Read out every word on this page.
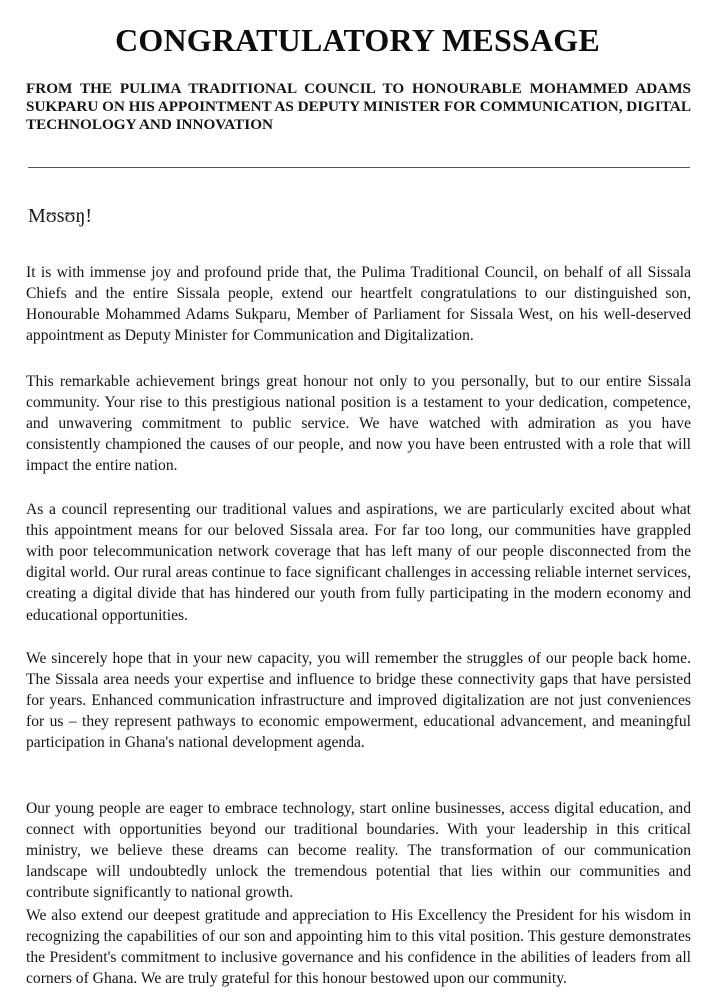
CONGRATULATORY MESSAGE
FROM THE PULIMA TRADITIONAL COUNCIL TO HONOURABLE MOHAMMED ADAMS SUKPARU ON HIS APPOINTMENT AS DEPUTY MINISTER FOR COMMUNICATION, DIGITAL TECHNOLOGY AND INNOVATION
Mʊsʊŋ!

It is with immense joy and profound pride that, the Pulima Traditional Council, on behalf of all Sissala Chiefs and the entire Sissala people, extend our heartfelt congratulations to our distinguished son, Honourable Mohammed Adams Sukparu, Member of Parliament for Sissala West, on his well-deserved appointment as Deputy Minister for Communication and Digitalization.

This remarkable achievement brings great honour not only to you personally, but to our entire Sissala community. Your rise to this prestigious national position is a testament to your dedication, competence, and unwavering commitment to public service. We have watched with admiration as you have consistently championed the causes of our people, and now you have been entrusted with a role that will impact the entire nation.

As a council representing our traditional values and aspirations, we are particularly excited about what this appointment means for our beloved Sissala area. For far too long, our communities have grappled with poor telecommunication network coverage that has left many of our people disconnected from the digital world. Our rural areas continue to face significant challenges in accessing reliable internet services, creating a digital divide that has hindered our youth from fully participating in the modern economy and educational opportunities.

We sincerely hope that in your new capacity, you will remember the struggles of our people back home. The Sissala area needs your expertise and influence to bridge these connectivity gaps that have persisted for years. Enhanced communication infrastructure and improved digitalization are not just conveniences for us – they represent pathways to economic empowerment, educational advancement, and meaningful participation in Ghana's national development agenda.

Our young people are eager to embrace technology, start online businesses, access digital education, and connect with opportunities beyond our traditional boundaries. With your leadership in this critical ministry, we believe these dreams can become reality. The transformation of our communication landscape will undoubtedly unlock the tremendous potential that lies within our communities and contribute significantly to national growth.

We also extend our deepest gratitude and appreciation to His Excellency the President for his wisdom in recognizing the capabilities of our son and appointing him to this vital position. This gesture demonstrates the President's commitment to inclusive governance and his confidence in the abilities of leaders from all corners of Ghana. We are truly grateful for this honour bestowed upon our community.
